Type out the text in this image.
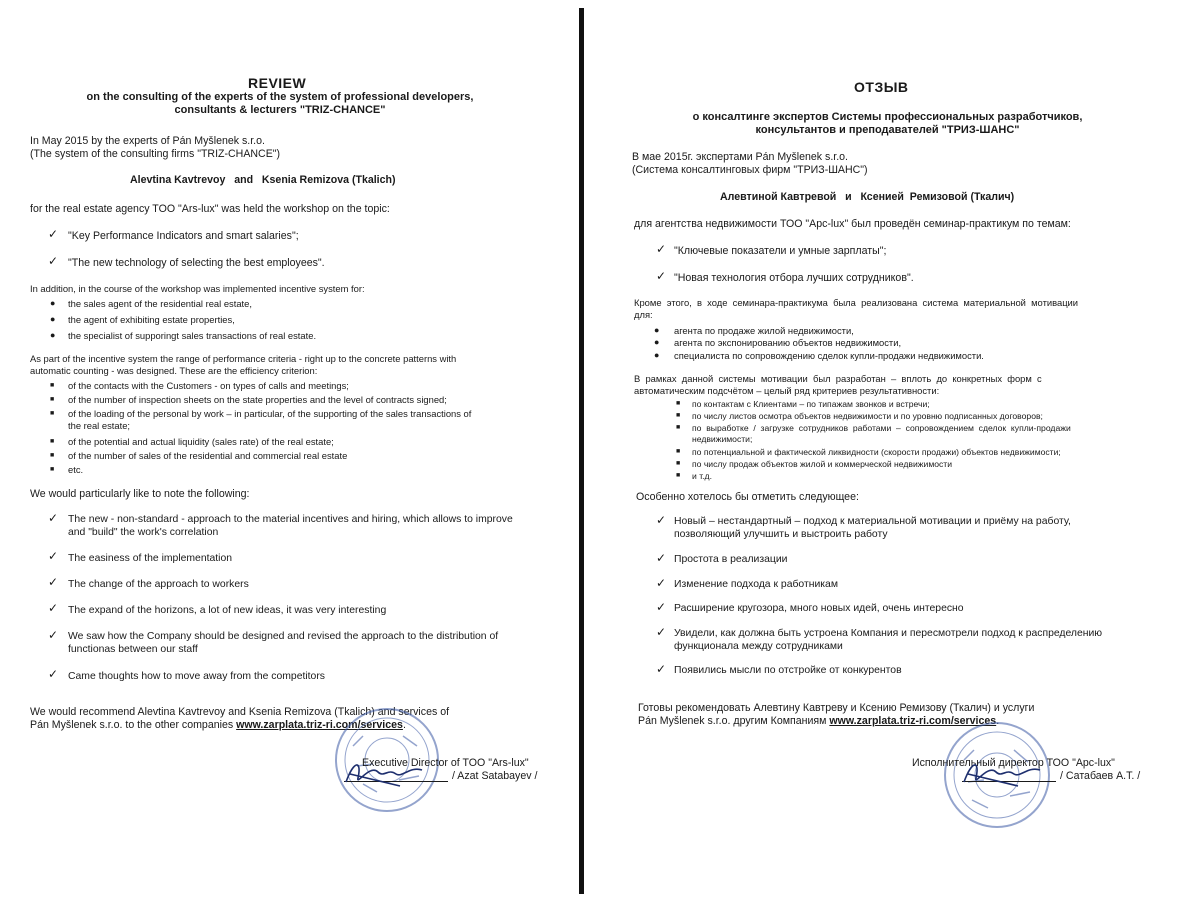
REVIEW
on the consulting of the experts of the system of professional developers,
consultants & lecturers "TRIZ-CHANCE"
In May 2015 by the experts of Pán Myšlenek s.r.o.
(The system of the consulting firms "TRIZ-CHANCE")
Alevtina Kavtrevoy   and   Ksenia Remizova (Tkalich)
for the real estate agency TOO "Ars-lux" was held the workshop on the topic:
✓ "Key Performance Indicators and smart salaries";
✓ "The new technology of selecting the best employees".
In addition, in the course of the workshop was implemented incentive system for:
● the sales agent of the residential real estate,
● the agent of exhibiting estate properties,
● the specialist of supporingt sales transactions of real estate.
As part of the incentive system the range of performance criteria - right up to the concrete patterns with
automatic counting - was designed. These are the efficiency criterion:
■ of the contacts with the Customers - on types of calls and meetings;
■ of the number of inspection sheets on the state properties and the level of contracts signed;
■ of the loading of the personal by work – in particular, of the supporting of the sales transactions of
the real estate;
■ of the potential and actual liquidity (sales rate) of the real estate;
■ of the number of sales of the residential and commercial real estate
■ etc.
We would particularly like to note the following:
✓ The new - non-standard - approach to the material incentives and hiring, which allows to improve
and "build" the work's correlation
✓ The easiness of the implementation
✓ The change of the approach to workers
✓ The expand of the horizons, a lot of new ideas, it was very interesting
✓ We saw how the Company should be designed and revised the approach to the distribution of
functionas between our staff
✓ Came thoughts how to move away from the competitors
We would recommend Alevtina Kavtrevoy and Ksenia Remizova (Tkalich) and services of
Pán Myšlenek s.r.o. to the other companies www.zarplata.triz-ri.com/services.
Executive Director of TOO "Ars-lux"
/ Azat Satabayev /
ОТЗЫВ
о консалтинге экспертов Системы профессиональных разработчиков,
консультантов и преподавателей "ТРИЗ-ШАНС"
В мае 2015г. экспертами Pán Myšlenek s.r.o.
(Система консалтинговых фирм "ТРИЗ-ШАНС")
Алевтиной Кавтревой   и   Ксенией  Ремизовой (Ткалич)
для агентства недвижимости ТОО "Арс-lux" был проведён семинар-практикум по темам:
✓ "Ключевые показатели и умные зарплаты";
✓ "Новая технология отбора лучших сотрудников".
Кроме  этого,  в  ходе  семинара-практикума  была  реализована  система  материальной  мотивации
для:
● агента по продаже жилой недвижимости,
● агента по экспонированию объектов недвижимости,
● специалиста по сопровождению сделок купли-продажи недвижимости.
В  рамках  данной  системы  мотивации  был  разработан  –  вплоть  до  конкретных  форм  с
автоматическим подсчётом – целый ряд критериев результативности:
■ по контактам с Клиентами – по типажам звонков и встречи;
■ по числу листов осмотра объектов недвижимости и по уровню подписанных договоров;
■ по  выработке  /  загрузке  сотрудников  работами  –  сопровождением  сделок  купли-продажи
недвижимости;
■ по потенциальной и фактической ликвидности (скорости продажи) объектов недвижимости;
■ по числу продаж объектов жилой и коммерческой недвижимости
■ и т.д.
Особенно хотелось бы отметить следующее:
✓ Новый – нестандартный – подход к материальной мотивации и приёму на работу,
позволяющий улучшить и выстроить работу
✓ Простота в реализации
✓ Изменение подхода к работникам
✓ Расширение кругозора, много новых идей, очень интересно
✓ Увидели, как должна быть устроена Компания и пересмотрели подход к распределению
функционала между сотрудниками
✓ Появились мысли по отстройке от конкурентов
Готовы рекомендовать Алевтину Кавтреву и Ксению Ремизову (Ткалич) и услуги
Pán Myšlenek s.r.o. другим Компаниям www.zarplata.triz-ri.com/services.
Исполнительный директор ТОО "Арс-lux"
/ Сатабаев А.Т. /
